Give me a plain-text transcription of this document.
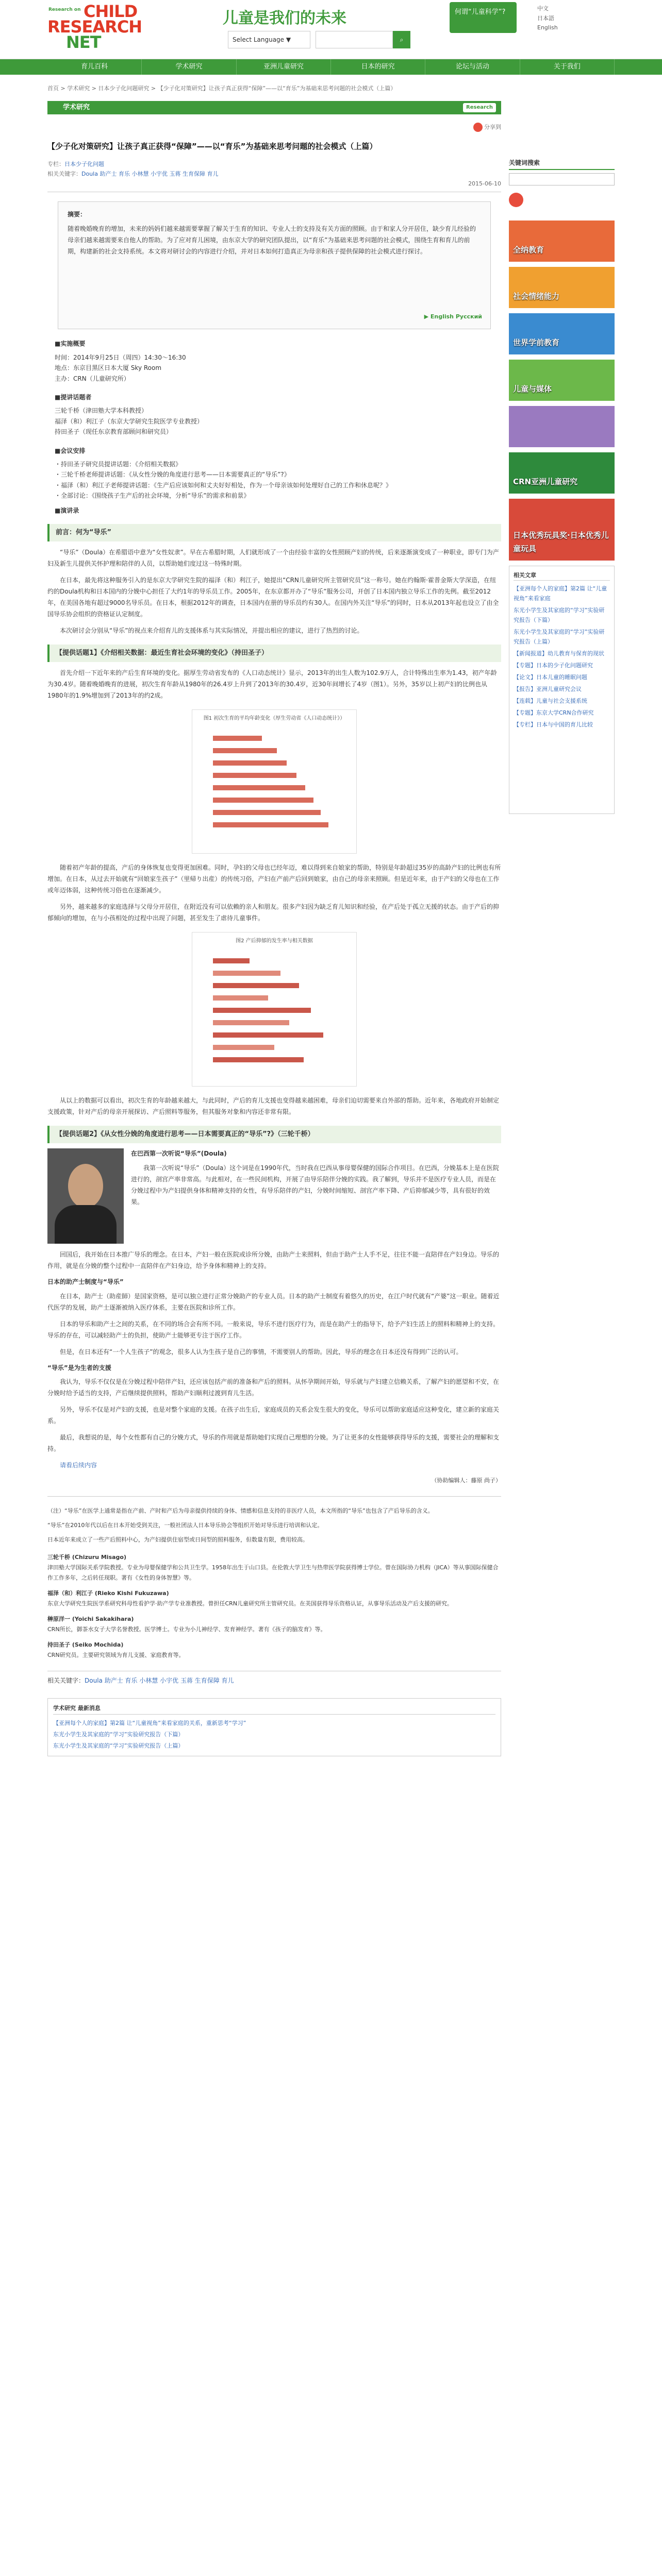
Research on CHILD
RESEARCH
NET
儿童是我们的未来
Select Language ▼	⌕
何谓“儿童科学”?	中文
日本語
English
育儿百科	学术研究	亚洲儿童研究	日本的研究	论坛与活动	关于我们
首页 > 学术研究 > 日本少子化问题研究 > 【少子化对策研究】让孩子真正获得“保障”——以“育乐”为基础来思考问题的社会模式（上篇）
学术研究	Research
分享到
【少子化对策研究】让孩子真正获得“保障”——以“育乐”为基础来思考问题的社会模式（上篇）
专栏：日本少子化问题
相关关键字：Doula 助产士 育乐 小林慧 小宇优 玉蒋 生育保障 育儿
2015-06-10
摘要：
随着晚婚晚育的增加，未来的妈妈们越来越需要掌握了解关于生育的知识、专业人士的支持及有关方面的照顾。由于和家人分开居住，缺少育儿经验的母亲们越来越需要来自他人的帮助。为了应对育儿困境，由东京大学的研究团队提出，以“育乐”为基础来思考问题的社会模式，围绕生育和育儿的前期，构建新的社会支持系统。本文将对研讨会的内容进行介绍，并对日本如何打造真正为母亲和孩子提供保障的社会模式进行探讨。
▶ English Русский
■实施概要
时间：2014年9月25日（周四）14:30～16:30
地点：东京目黑区日本大厦 Sky Room
主办：CRN（儿童研究所）
■提讲话题者
三轮千桥（津田塾大学本科教授）
福泽（和）利江子（东京大学研究生院医学专业教授）
持田圣子（现任东京教育部顾问和研究员）
■会议安排
・持田圣子研究员提讲话题：《介绍相关数据》
・三轮千桥老师提讲话题：《从女性分娩的角度进行思考——日本需要真正的“导乐”?》
・福泽（和）利江子老师提讲话题：《生产后应该如何和丈夫好好相处，作为一个母亲该如何处理好自己的工作和休息呢？》
・全部讨论：《围绕孩子生产后的社会环境，分析“导乐”的需求和前景》
■演讲录
前言：何为“导乐”

“导乐”（Doula）在希腊语中意为“女性奴隶”。早在古希腊时期，人们就形成了一个由经验丰富的女性照顾产妇的传统，后来逐渐演变成了一种职业，即专门为产妇及新生儿提供关怀护理和陪伴的人员，以帮助她们度过这一特殊时期。

在日本，最先将这种服务引入的是东京大学研究生院的福泽（和）利江子，她提出“CRN儿童研究所主管研究员”这一称号。她在约翰斯·霍普金斯大学深造，在纽约的Doula机构和日本国内的分娩中心担任了大约1年的导乐员工作。2005年，在东京都开办了“导乐”服务公司，开创了日本国内独立导乐工作的先例。截至2012年，在美国各地有超过9000名导乐员。在日本，根据2012年的调查，日本国内在册的导乐员约有30人。在国内外关注“导乐”的同时，日本从2013年起也设立了由全国导乐协会组织的资格证认定制度。

本次研讨会分别从“导乐”的视点来介绍育儿的支援体系与其实际情况，并提出相应的建议，进行了热烈的讨论。

【提供话题1】《介绍相关数据：最近生育社会环境的变化》（持田圣子）

首先介绍一下近年来的产后生育环境的变化。据厚生劳动省发布的《人口动态统计》显示，2013年的出生人数为102.9万人，合计特殊出生率为1.43，初产年龄为30.4岁。随着晚婚晚育的进展，初次生育年龄从1980年的26.4岁上升到了2013年的30.4岁，近30年间增长了4岁（图1）。另外，35岁以上初产妇的比例也从1980年的1.9%增加到了2013年的约2成。

图1 初次生育的平均年龄变化（厚生劳动省《人口动态统计》）

随着初产年龄的提高，产后的身体恢复也变得更加困难。同时，孕妇的父母也已经年迈，难以得到来自娘家的帮助，特别是年龄超过35岁的高龄产妇的比例也有所增加。在日本，从过去开始就有“回娘家生孩子”（里帰り出産）的传统习俗，产妇在产前产后回到娘家，由自己的母亲来照顾。但是近年来，由于产妇的父母也在工作或年迈体弱，这种传统习俗也在逐渐减少。

另外，越来越多的家庭选择与父母分开居住，在附近没有可以依赖的亲人和朋友。很多产妇因为缺乏育儿知识和经验，在产后处于孤立无援的状态。由于产后的抑郁倾向的增加，在与小孩相处的过程中出现了问题，甚至发生了虐待儿童事件。

图2 产后抑郁的发生率与相关数据

从以上的数据可以看出，初次生育的年龄越来越大，与此同时，产后的育儿支援也变得越来越困难，母亲们迫切需要来自外部的帮助。近年来，各地政府开始制定支援政策，针对产后的母亲开展探访、产后照料等服务，但其服务对象和内容还非常有限。

【提供话题2】《从女性分娩的角度进行思考——日本需要真正的“导乐”?》（三轮千桥）
在巴西第一次听说“导乐”(Doula)

我第一次听说“导乐”（Doula）这个词是在1990年代，当时我在巴西从事母婴保健的国际合作项目。在巴西，分娩基本上是在医院进行的，剖宫产率非常高。与此相对，在一些民间机构，开展了由导乐陪伴分娩的实践。我了解到，导乐并不是医疗专业人员，而是在分娩过程中为产妇提供身体和精神支持的女性，有导乐陪伴的产妇，分娩时间缩短、剖宫产率下降、产后抑郁减少等，具有很好的效果。

回国后，我开始在日本推广导乐的理念。在日本，产妇一般在医院或诊所分娩，由助产士来照料，但由于助产士人手不足，往往不能一直陪伴在产妇身边。导乐的作用，就是在分娩的整个过程中一直陪伴在产妇身边，给予身体和精神上的支持。

日本的助产士制度与“导乐”

在日本，助产士（助産師）是国家资格，是可以独立进行正常分娩助产的专业人员。日本的助产士制度有着悠久的历史，在江户时代就有“产婆”这一职业。随着近代医学的发展，助产士逐渐被纳入医疗体系，主要在医院和诊所工作。

日本的导乐和助产士之间的关系，在不同的场合会有所不同。一般来说，导乐不进行医疗行为，而是在助产士的指导下，给予产妇生活上的照料和精神上的支持。导乐的存在，可以减轻助产士的负担，使助产士能够更专注于医疗工作。

但是，在日本还有“一个人生孩子”的观念，很多人认为生孩子是自己的事情，不需要别人的帮助。因此，导乐的理念在日本还没有得到广泛的认可。

“导乐”是为生者的支援

我认为，导乐不仅仅是在分娩过程中陪伴产妇，还应该包括产前的准备和产后的照料。从怀孕期间开始，导乐就与产妇建立信赖关系，了解产妇的愿望和不安，在分娩时给予适当的支持，产后继续提供照料，帮助产妇顺利过渡到育儿生活。

另外，导乐不仅是对产妇的支援，也是对整个家庭的支援。在孩子出生后，家庭成员的关系会发生很大的变化，导乐可以帮助家庭适应这种变化，建立新的家庭关系。

最后，我想说的是，每个女性都有自己的分娩方式，导乐的作用就是帮助她们实现自己理想的分娩。为了让更多的女性能够获得导乐的支援，需要社会的理解和支持。

请看后续内容

（协助编辑人：藤原 尚子）
（注）“导乐”在医学上通常是指在产前、产时和产后为母亲提供持续的身体、情感和信息支持的非医疗人员，本文所指的“导乐”也包含了产后导乐的含义。
“导乐”在2010年代以后在日本开始受到关注，一般社团法人日本导乐协会等组织开始对导乐进行培训和认定。
日本近年来成立了一些产后照料中心，为产妇提供住宿型或日间型的照料服务，但数量有限，费用较高。
三轮千桥 (Chizuru Misago)
津田塾大学国际关系学院教授。专业为母婴保健学和公共卫生学。1958年出生于山口县。在伦敦大学卫生与热带医学院获得博士学位。曾在国际协力机构（JICA）等从事国际保健合作工作多年，之后转任现职。著有《女性的身体智慧》等。
福泽（和）利江子 (Rieko Kishi Fukuzawa)
东京大学研究生院医学系研究科母性看护学·助产学专业准教授。曾担任CRN儿童研究所主管研究员。在美国获得导乐资格认证，从事导乐活动及产后支援的研究。
榊原洋一 (Yoichi Sakakihara)
CRN所长，御茶水女子大学名誉教授。医学博士。专业为小儿神经学、发育神经学。著有《孩子的脑发育》等。
持田圣子 (Seiko Mochida)
CRN研究员。主要研究领域为育儿支援、家庭教育等。
相关关键字：Doula 助产士 育乐 小林慧 小宇优 玉蒋 生育保障 育儿
学术研究 最新消息
【亚洲每个人的家庭】第2篇 让“儿童视角”来看家庭的关系，重新思考“学习”
东光小学生及其家庭的“学习”实验研究报告（下篇）
东光小学生及其家庭的“学习”实验研究报告（上篇）
关键词搜索
全纳教育
社会情绪能力
世界学前教育
儿童与媒体
CRN亚洲儿童研究
日本优秀玩具奖·日本优秀儿童玩具
相关文章
【亚洲每个人的家庭】第2篇 让“儿童视角”来看家庭
东光小学生及其家庭的“学习”实验研究报告（下篇）
东光小学生及其家庭的“学习”实验研究报告（上篇）
【新闻报道】幼儿教育与保育的现状
【专题】日本的少子化问题研究
【论文】日本儿童的睡眠问题
【报告】亚洲儿童研究会议
【连载】儿童与社会支援系统
【专题】东京大学CRN合作研究
【专栏】日本与中国的育儿比较
